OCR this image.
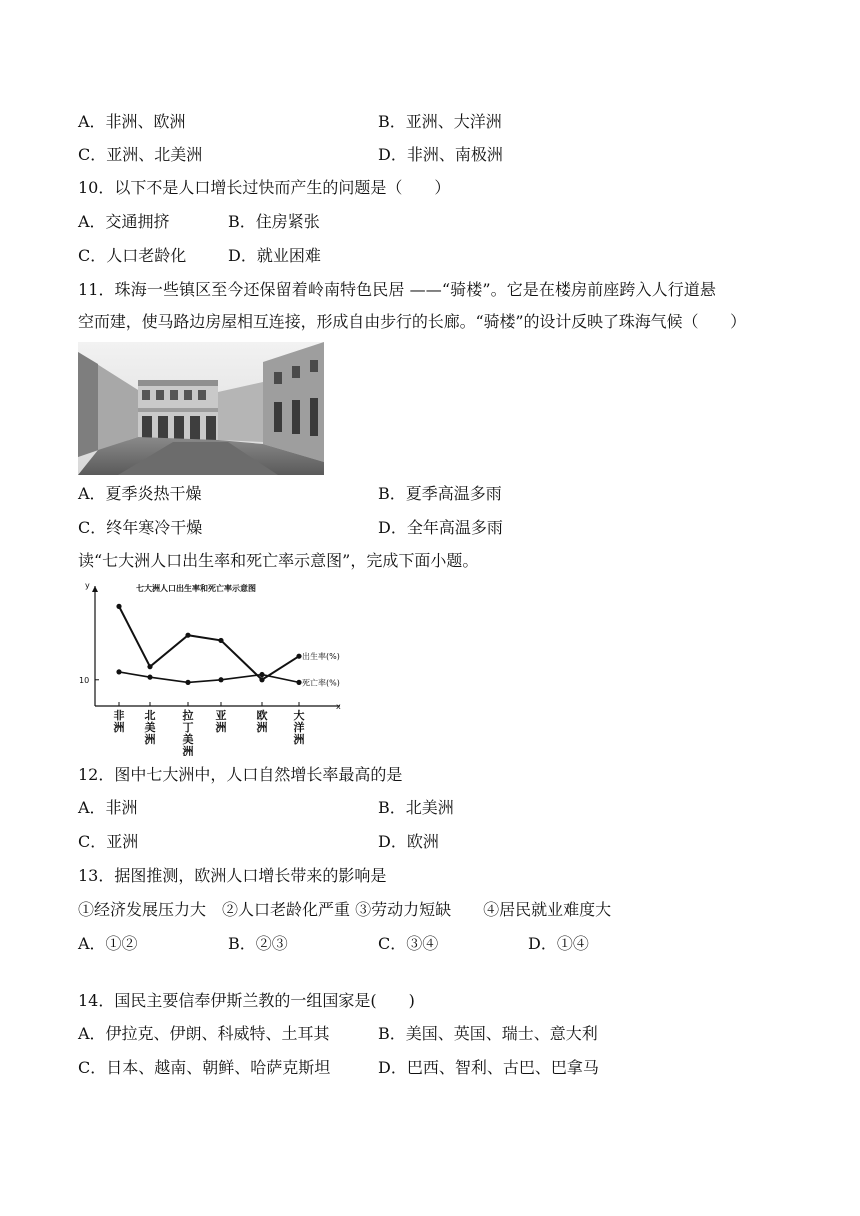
A．非洲、欧洲	B．亚洲、大洋洲
C．亚洲、北美洲	D．非洲、南极洲
10．以下不是人口增长过快而产生的问题是（　　）
A．交通拥挤	B．住房紧张
C．人口老龄化	D．就业困难
11．珠海一些镇区至今还保留着岭南特色民居 ——“骑楼”。它是在楼房前座跨入人行道悬
空而建，使马路边房屋相互连接，形成自由步行的长廊。“骑楼”的设计反映了珠海气候（　　）
A．夏季炎热干燥	B．夏季高温多雨
C．终年寒冷干燥	D．全年高温多雨
读“七大洲人口出生率和死亡率示意图”，完成下面小题。
y
x
10
七大洲人口出生率和死亡率示意图
非洲
北美洲
拉丁美洲
亚洲
欧洲
大洋洲
出生率(%)
死亡率(%)
12．图中七大洲中，人口自然增长率最高的是
A．非洲	B．北美洲
C．亚洲	D．欧洲
13．据图推测，欧洲人口增长带来的影响是
①经济发展压力大　②人口老龄化严重 ③劳动力短缺　　④居民就业难度大
A．①②	B．②③	C．③④	D．①④
14．国民主要信奉伊斯兰教的一组国家是(　　)
A．伊拉克、伊朗、科威特、土耳其	B．美国、英国、瑞士、意大利
C．日本、越南、朝鲜、哈萨克斯坦	D．巴西、智利、古巴、巴拿马
